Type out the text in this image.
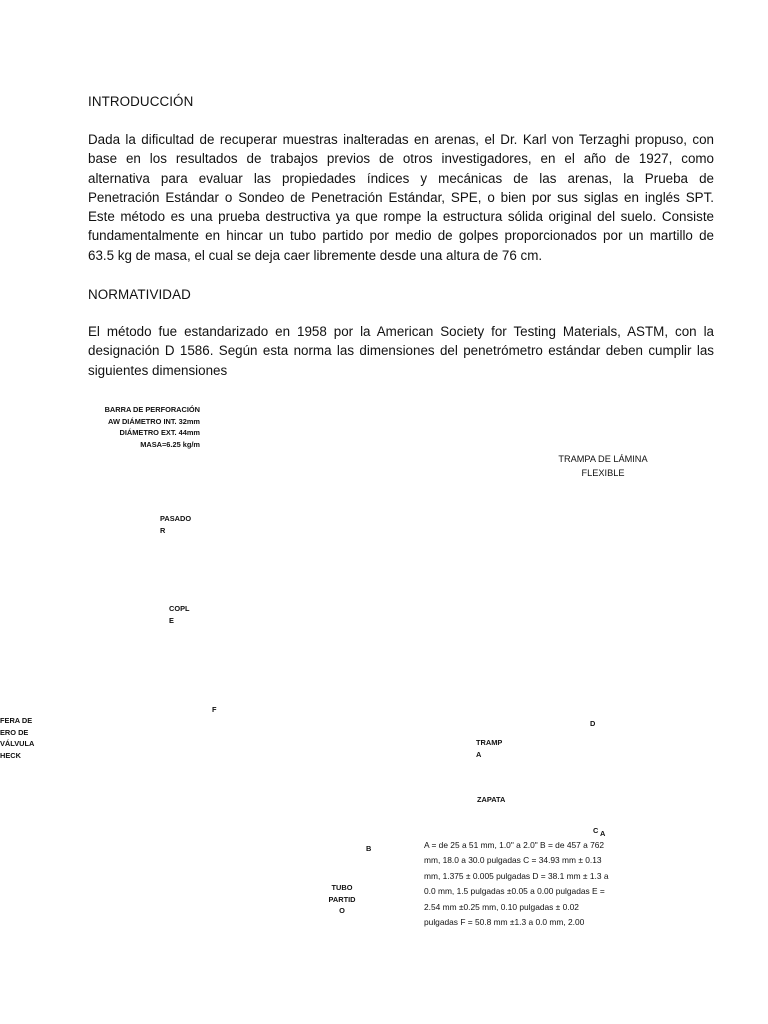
INTRODUCCIÓN
Dada la dificultad de recuperar muestras inalteradas en arenas, el Dr. Karl von Terzaghi propuso, con
base en los resultados de trabajos previos de otros investigadores, en el año de 1927, como
alternativa para evaluar las propiedades índices y mecánicas de las arenas, la Prueba de
Penetración Estándar o Sondeo de Penetración Estándar, SPE, o bien por sus siglas en inglés SPT.
Este método es una prueba destructiva ya que rompe la estructura sólida original del suelo. Consiste
fundamentalmente en hincar un tubo partido por medio de golpes proporcionados por un martillo de
63.5 kg de masa, el cual se deja caer libremente desde una altura de 76 cm.
NORMATIVIDAD
El método fue estandarizado en 1958 por la American Society for Testing Materials, ASTM, con la
designación D 1586. Según esta norma las dimensiones del penetrómetro estándar deben cumplir las
siguientes dimensiones
BARRA DE PERFORACIÓN
AW DIÁMETRO INT. 32mm
DIÁMETRO EXT. 44mm
MASA=6.25 kg/m
TRAMPA DE LÁMINA
FLEXIBLE
PASADO
R
COPL
E
F
FERA DE
ERO DE
VÁLVULA
HECK
D
TRAMP
A
ZAPATA
C A
B
TUBO
PARTID
O
A = de 25 a 51 mm, 1.0" a 2.0" B = de 457 a 762
mm, 18.0 a 30.0 pulgadas C = 34.93 mm ± 0.13
mm, 1.375 ± 0.005 pulgadas D = 38.1 mm ± 1.3 a
0.0 mm, 1.5 pulgadas ±0.05 a 0.00 pulgadas E =
2.54 mm ±0.25 mm, 0.10 pulgadas ± 0.02
pulgadas F = 50.8 mm ±1.3 a 0.0 mm, 2.00
